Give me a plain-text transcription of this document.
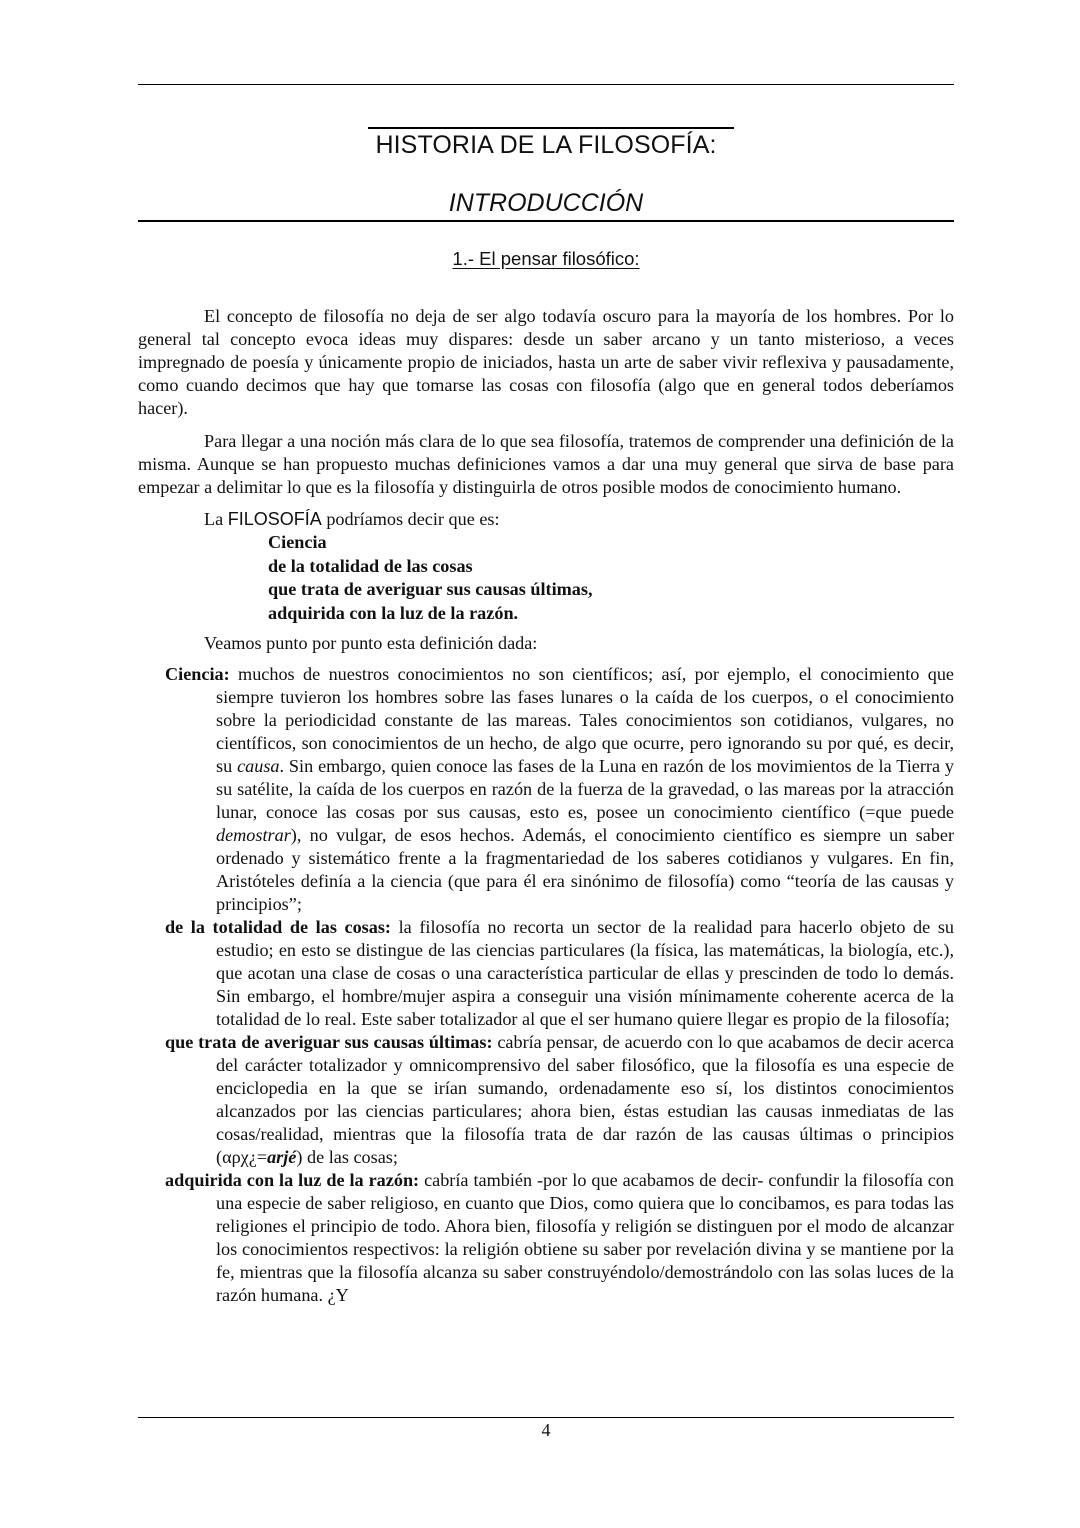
HISTORIA DE LA FILOSOFÍA:
INTRODUCCIÓN
1.- El pensar filosófico:

El concepto de filosofía no deja de ser algo todavía oscuro para la mayoría de los hombres. Por lo general tal concepto evoca ideas muy dispares: desde un saber arcano y un tanto misterioso, a veces impregnado de poesía y únicamente propio de iniciados, hasta un arte de saber vivir reflexiva y pausadamente, como cuando decimos que hay que tomarse las cosas con filosofía (algo que en general todos deberíamos hacer).

Para llegar a una noción más clara de lo que sea filosofía, tratemos de comprender una definición de la misma. Aunque se han propuesto muchas definiciones vamos a dar una muy general que sirva de base para empezar a delimitar lo que es la filosofía y distinguirla de otros posible modos de conocimiento humano.

La FILOSOFÍA podríamos decir que es:

Ciencia
de la totalidad de las cosas
que trata de averiguar sus causas últimas,
adquirida con la luz de la razón.

Veamos punto por punto esta definición dada:

Ciencia: muchos de nuestros conocimientos no son científicos; así, por ejemplo, el conocimiento que siempre tuvieron los hombres sobre las fases lunares o la caída de los cuerpos, o el conocimiento sobre la periodicidad constante de las mareas. Tales conocimientos son cotidianos, vulgares, no científicos, son conocimientos de un hecho, de algo que ocurre, pero ignorando su por qué, es decir, su causa. Sin embargo, quien conoce las fases de la Luna en razón de los movimientos de la Tierra y su satélite, la caída de los cuerpos en razón de la fuerza de la gravedad, o las mareas por la atracción lunar, conoce las cosas por sus causas, esto es, posee un conocimiento científico (=que puede demostrar), no vulgar, de esos hechos. Además, el conocimiento científico es siempre un saber ordenado y sistemático frente a la fragmentariedad de los saberes cotidianos y vulgares. En fin, Aristóteles definía a la ciencia (que para él era sinónimo de filosofía) como “teoría de las causas y principios”;

de la totalidad de las cosas: la filosofía no recorta un sector de la realidad para hacerlo objeto de su estudio; en esto se distingue de las ciencias particulares (la física, las matemáticas, la biología, etc.), que acotan una clase de cosas o una característica particular de ellas y prescinden de todo lo demás. Sin embargo, el hombre/mujer aspira a conseguir una visión mínimamente coherente acerca de la totalidad de lo real. Este saber totalizador al que el ser humano quiere llegar es propio de la filosofía;

que trata de averiguar sus causas últimas: cabría pensar, de acuerdo con lo que acabamos de decir acerca del carácter totalizador y omnicomprensivo del saber filosófico, que la filosofía es una especie de enciclopedia en la que se irían sumando, ordenadamente eso sí, los distintos conocimientos alcanzados por las ciencias particulares; ahora bien, éstas estudian las causas inmediatas de las cosas/realidad, mientras que la filosofía trata de dar razón de las causas últimas o principios (αρχ¿=arjé) de las cosas;

adquirida con la luz de la razón: cabría también -por lo que acabamos de decir- confundir la filosofía con una especie de saber religioso, en cuanto que Dios, como quiera que lo concibamos, es para todas las religiones el principio de todo. Ahora bien, filosofía y religión se distinguen por el modo de alcanzar los conocimientos respectivos: la religión obtiene su saber por revelación divina y se mantiene por la fe, mientras que la filosofía alcanza su saber construyéndolo/demostrándolo con las solas luces de la razón humana. ¿Y

4
